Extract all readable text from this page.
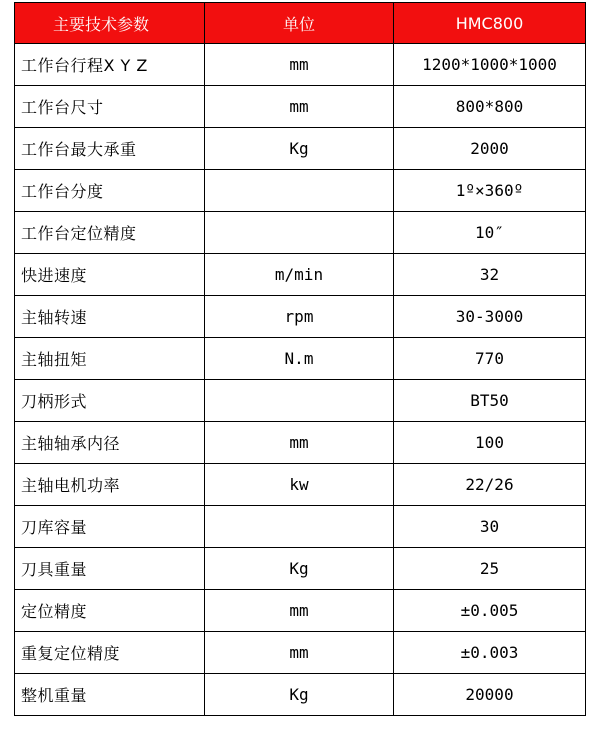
主要技术参数	单位	HMC800
工作台行程X Y Z	mm	1200*1000*1000
工作台尺寸	mm	800*800
工作台最大承重	Kg	2000
工作台分度		1º×360º
工作台定位精度		10″
快进速度	m/min	32
主轴转速	rpm	30-3000
主轴扭矩	N.m	770
刀柄形式		BT50
主轴轴承内径	mm	100
主轴电机功率	kw	22/26
刀库容量		30
刀具重量	Kg	25
定位精度	mm	±0.005
重复定位精度	mm	±0.003
整机重量	Kg	20000
